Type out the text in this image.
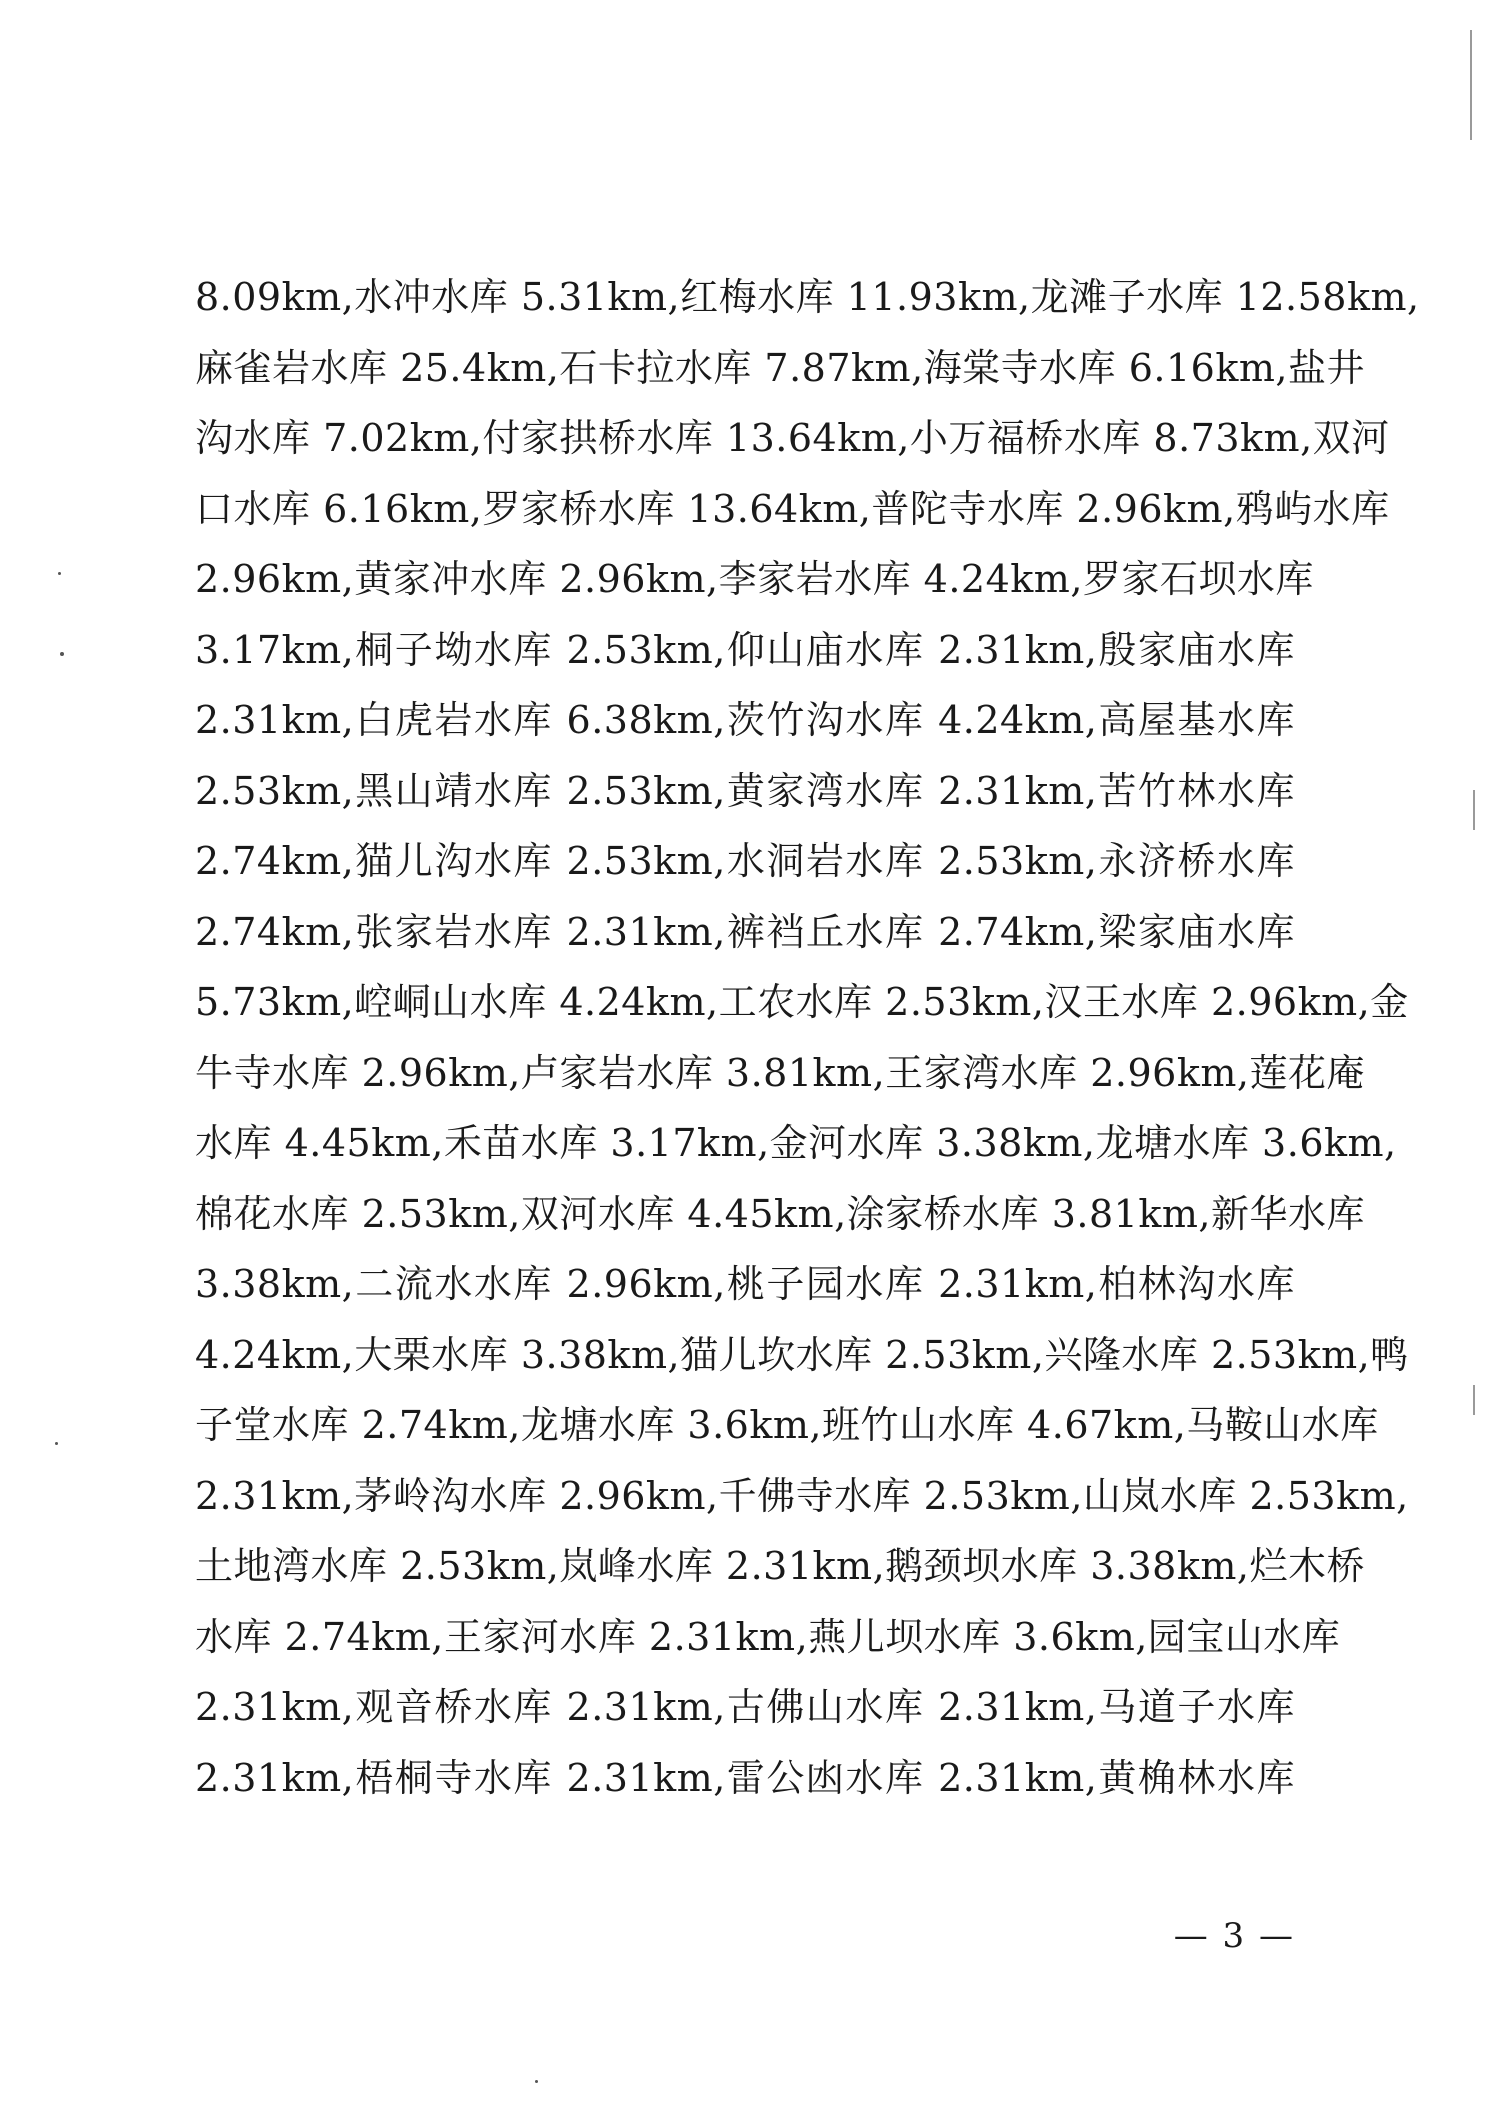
8.09km,水冲水库 5.31km,红梅水库 11.93km,龙滩子水库 12.58km,
麻雀岩水库 25.4km,石卡拉水库 7.87km,海棠寺水库 6.16km,盐井
沟水库 7.02km,付家拱桥水库 13.64km,小万福桥水库 8.73km,双河
口水库 6.16km,罗家桥水库 13.64km,普陀寺水库 2.96km,鸦屿水库
2.96km,黄家冲水库 2.96km,李家岩水库 4.24km,罗家石坝水库
3.17km,桐子坳水库 2.53km,仰山庙水库 2.31km,殷家庙水库
2.31km,白虎岩水库 6.38km,茨竹沟水库 4.24km,高屋基水库
2.53km,黑山靖水库 2.53km,黄家湾水库 2.31km,苦竹林水库
2.74km,猫儿沟水库 2.53km,水洞岩水库 2.53km,永济桥水库
2.74km,张家岩水库 2.31km,裤裆丘水库 2.74km,梁家庙水库
5.73km,崆峒山水库 4.24km,工农水库 2.53km,汉王水库 2.96km,金
牛寺水库 2.96km,卢家岩水库 3.81km,王家湾水库 2.96km,莲花庵
水库 4.45km,禾苗水库 3.17km,金河水库 3.38km,龙塘水库 3.6km,
棉花水库 2.53km,双河水库 4.45km,涂家桥水库 3.81km,新华水库
3.38km,二流水水库 2.96km,桃子园水库 2.31km,柏林沟水库
4.24km,大栗水库 3.38km,猫儿坎水库 2.53km,兴隆水库 2.53km,鸭
子堂水库 2.74km,龙塘水库 3.6km,班竹山水库 4.67km,马鞍山水库
2.31km,茅岭沟水库 2.96km,千佛寺水库 2.53km,山岚水库 2.53km,
土地湾水库 2.53km,岚峰水库 2.31km,鹅颈坝水库 3.38km,烂木桥
水库 2.74km,王家河水库 2.31km,燕儿坝水库 3.6km,园宝山水库
2.31km,观音桥水库 2.31km,古佛山水库 2.31km,马道子水库
2.31km,梧桐寺水库 2.31km,雷公凼水库 2.31km,黄桷林水库
— 3 —
